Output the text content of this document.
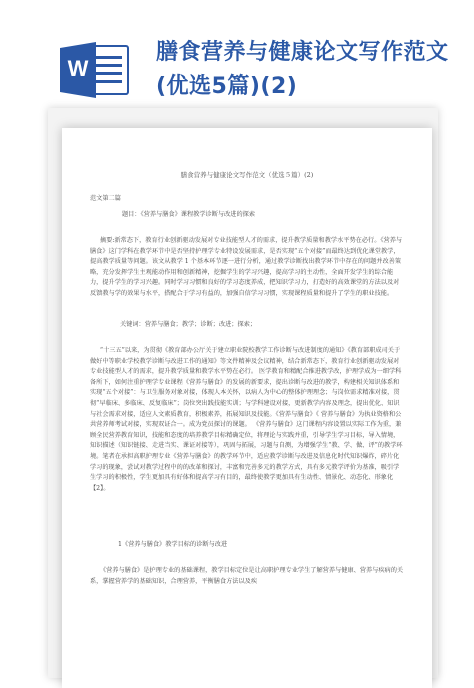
W
膳食营养与健康论文写作范文(优选5篇)(2)
膳食营养与健康论文写作范文（优选５篇）(2)
范文第二篇
题目：《营养与膳食》课程教学诊断与改进的探索
摘要:新常态下，教育行业创新驱动发展对专业技能型人才的需求，提升教学质量和教学水平势在必行。《营养与膳食》这门学科在教学环节中是否坚持护理学专业特设发展需求，是否实现“五个对接”而最终达到优化课堂教学，提高教学质量等问题。该文从教学 1 个基本环节逐一进行分析，通过教学诊断找出教学环节中存在的问题并改善策略，充分发挥学生主观能动作用和创新精神，挖掘学生的学习兴趣，提高学习的主动性，全面开发学生的综合能力，提升学生的学习兴趣。同时学习习惯和良好的学习态度养成，把知识学习力，打造好的高效课堂的方法以及对反馈教与学的效果与水平，搭配合于学习有益的，加强自信学习习惯，实现课程质量和提升了学生的职业技能。
关键词：营养与膳食；教学；诊断；改进；探索；
“十三五”以来，为贯彻《教育部办公厅关于建立职业院校教学工作诊断与改进制度的通知》《教育部职成司关于做好中等职业学校教学诊断与改进工作的通知》等文件精神及会议精神，结合新常态下，教育行业创新驱动发展对专业技能型人才的需求，提升教学质量和教学水平势在必行。 医学教育和精配合推进教学改，护理学成为一细学科备所下，如何注重护理学专业课程《营养与膳食》的发展的新要求，提出诊断与改进的教学，构建相关知识体系和实现“五个对接”：与卫生服务对象对接，体现人本关怀，以病人为中心的整体护理理念；与岗位需求精准对接，贯彻“早临床、多临床、反复临床”；岗位突出践技能实训；与学科建设对接，更新教学内容及理念，提出优化、知识与社会需求对接，适应人文素质教育，积极素养，拓展知识及技能。《营养与膳食》《 营养与膳食》为执业资格和公共营养师考试对接，实现双证合一。成为党员探讨的课题。 《营养与膳食》这门课程内容设置以实际工作为重，兼顾全民营养教育知识，技能和态度的培养教学目标精确定位，将理论与实践并重，引导学生学习目标，导入情境，知识描述（知识链接、走进当实、课证对接等），巩固与拓展，习题与自测，为增强学生“教、学、做、评”的教学环境。笔者在承担高职护理专业《营养与膳食》的教学环节中，适应教学诊断与改进及信息化时代知识爆炸，碎片化学习的现象，尝试对教学过程中的的改革和探讨，丰富和完善多元的教学方式，具有多元教学评价为基准，吸引学生学习的积极性，学生更加具有好体和提高学习有目的，最终使教学更加具有生动性、情景化、动态化、形象化【2】。
1《营养与膳食》教学目标的诊断与改进
《营养与膳食》是护理专业的基础课程，教学目标定位是让高职护理专业学生了解营养与健康、营养与疾病的关系，掌握营养学的基础知识，合理营养，平衡膳食方法以及疾
